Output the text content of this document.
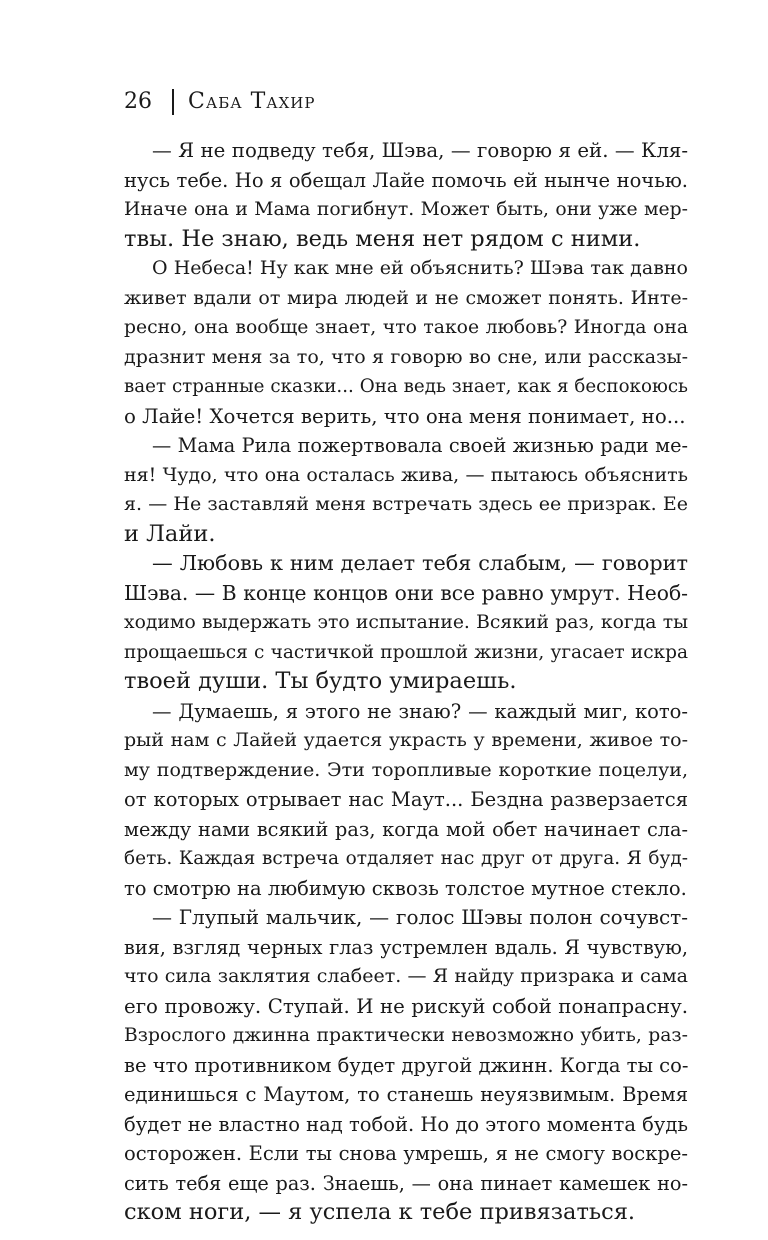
26 Саба Тахир
— Я не подведу тебя, Шэва, — говорю я ей. — Кля-
нусь тебе. Но я обещал Лайе помочь ей нынче ночью.
Иначе она и Мама погибнут. Может быть, они уже мер-
твы. Не знаю, ведь меня нет рядом с ними.
О Небеса! Ну как мне ей объяснить? Шэва так давно
живет вдали от мира людей и не сможет понять. Инте-
ресно, она вообще знает, что такое любовь? Иногда она
дразнит меня за то, что я говорю во сне, или рассказы-
вает странные сказки... Она ведь знает, как я беспокоюсь
о Лайе! Хочется верить, что она меня понимает, но...
— Мама Рила пожертвовала своей жизнью ради ме-
ня! Чудо, что она осталась жива, — пытаюсь объяснить
я. — Не заставляй меня встречать здесь ее призрак. Ее
и Лайи.
— Любовь к ним делает тебя слабым, — говорит
Шэва. — В конце концов они все равно умрут. Необ-
ходимо выдержать это испытание. Всякий раз, когда ты
прощаешься с частичкой прошлой жизни, угасает искра
твоей души. Ты будто умираешь.
— Думаешь, я этого не знаю? — каждый миг, кото-
рый нам с Лайей удается украсть у времени, живое то-
му подтверждение. Эти торопливые короткие поцелуи,
от которых отрывает нас Маут... Бездна разверзается
между нами всякий раз, когда мой обет начинает сла-
беть. Каждая встреча отдаляет нас друг от друга. Я буд-
то смотрю на любимую сквозь толстое мутное стекло.
— Глупый мальчик, — голос Шэвы полон сочувст-
вия, взгляд черных глаз устремлен вдаль. Я чувствую,
что сила заклятия слабеет. — Я найду призрака и сама
его провожу. Ступай. И не рискуй собой понапрасну.
Взрослого джинна практически невозможно убить, раз-
ве что противником будет другой джинн. Когда ты со-
единишься с Маутом, то станешь неуязвимым. Время
будет не властно над тобой. Но до этого момента будь
осторожен. Если ты снова умрешь, я не смогу воскре-
сить тебя еще раз. Знаешь, — она пинает камешек но-
ском ноги, — я успела к тебе привязаться.
